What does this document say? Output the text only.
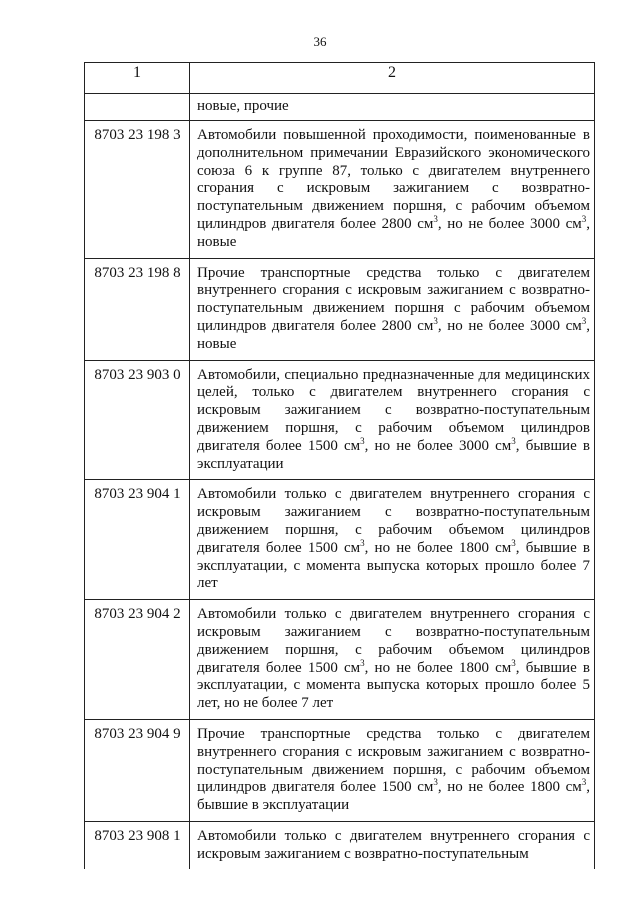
36
1	2
	новые, прочие
8703 23 198 3	Автомобили повышенной проходимости, поименованные в дополнительном примечании Евразийского экономического союза 6 к группе 87, только с двигателем внутреннего сгорания с искровым зажиганием с возвратно-поступательным движением поршня, с рабочим объемом цилиндров двигателя более 2800 $см^3$, но не более 3000 $см^3$, новые
8703 23 198 8	Прочие транспортные средства только с двигателем внутреннего сгорания с искровым зажиганием с возвратно-поступательным движением поршня с рабочим объемом цилиндров двигателя более 2800 $см^3$, но не более 3000 $см^3$, новые
8703 23 903 0	Автомобили, специально предназначенные для медицинских целей, только с двигателем внутреннего сгорания с искровым зажиганием с возвратно-поступательным движением поршня, с рабочим объемом цилиндров двигателя более 1500 $см^3$, но не более 3000 $см^3$, бывшие в эксплуатации
8703 23 904 1	Автомобили только с двигателем внутреннего сгорания с искровым зажиганием с возвратно-поступательным движением поршня, с рабочим объемом цилиндров двигателя более 1500 $см^3$, но не более 1800 $см^3$, бывшие в эксплуатации, с момента выпуска которых прошло более 7 лет
8703 23 904 2	Автомобили только с двигателем внутреннего сгорания с искровым зажиганием с возвратно-поступательным движением поршня, с рабочим объемом цилиндров двигателя более 1500 $см^3$, но не более 1800 $см^3$, бывшие в эксплуатации, с момента выпуска которых прошло более 5 лет, но не более 7 лет
8703 23 904 9	Прочие транспортные средства только с двигателем внутреннего сгорания с искровым зажиганием с возвратно-поступательным движением поршня, с рабочим объемом цилиндров двигателя более 1500 $см^3$, но не более 1800 $см^3$, бывшие в эксплуатации
8703 23 908 1	Автомобили только с двигателем внутреннего сгорания с искровым зажиганием с возвратно-поступательным
